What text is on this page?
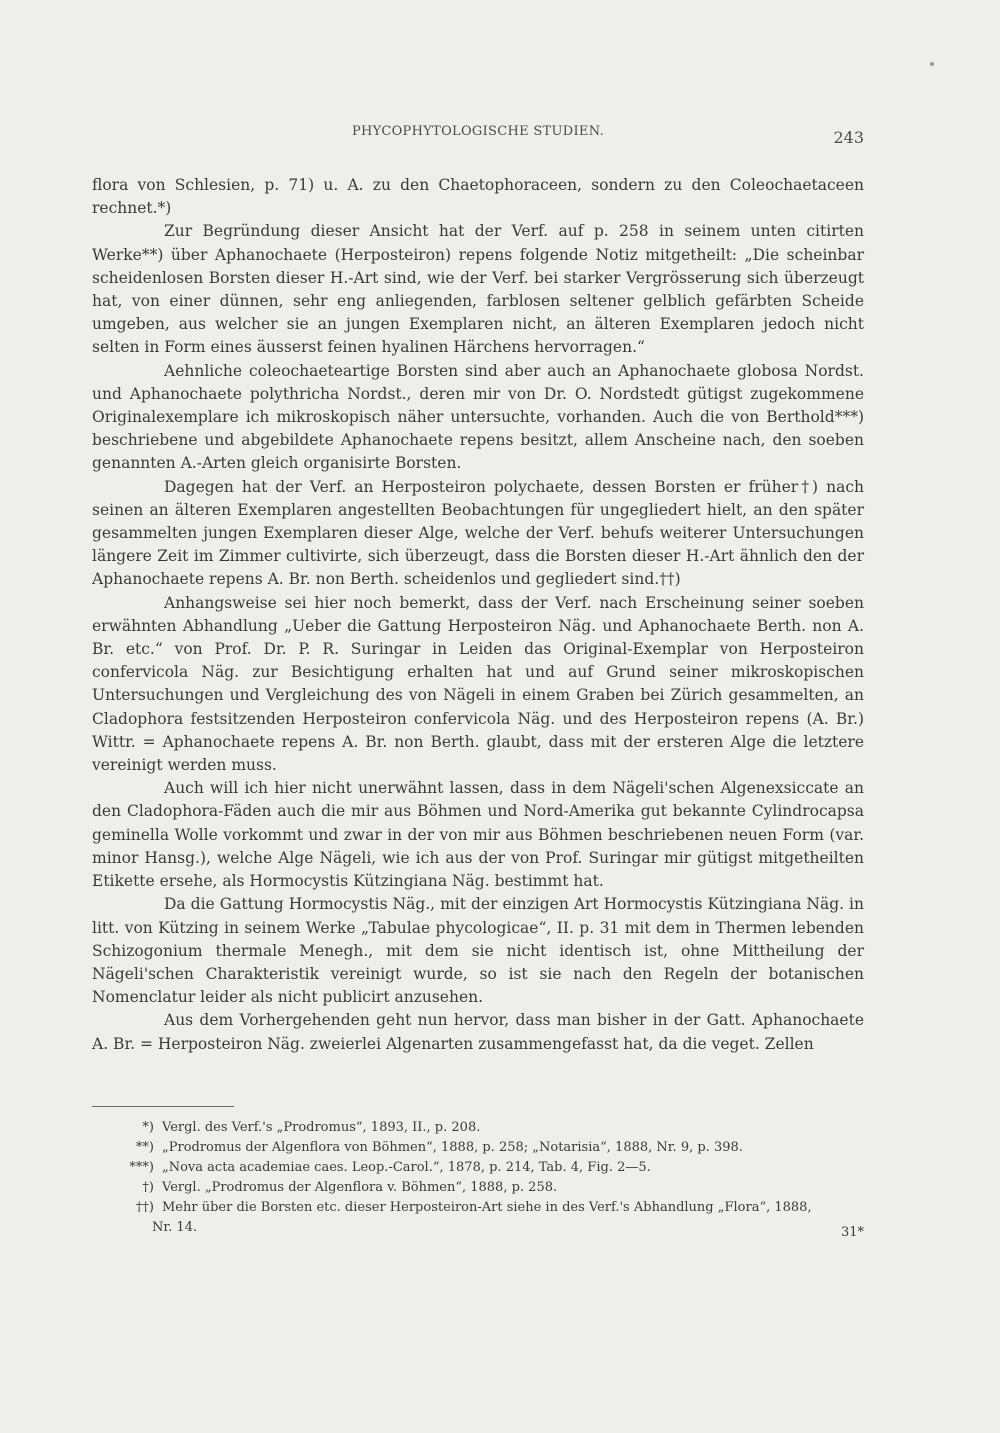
PHYCOPHYTOLOGISCHE STUDIEN.	243

flora von Schlesien, p. 71) u. A. zu den Chaetophoraceen, sondern zu den Coleochaetaceen rechnet.*)

Zur Begründung dieser Ansicht hat der Verf. auf p. 258 in seinem unten citirten Werke**) über Aphanochaete (Herposteiron) repens folgende Notiz mitgetheilt: „Die scheinbar scheidenlosen Borsten dieser H.-Art sind, wie der Verf. bei starker Vergrösserung sich überzeugt hat, von einer dünnen, sehr eng anliegenden, farblosen seltener gelblich gefärbten Scheide umgeben, aus welcher sie an jungen Exemplaren nicht, an älteren Exemplaren jedoch nicht selten in Form eines äusserst feinen hyalinen Härchens hervorragen.“

Aehnliche coleochaeteartige Borsten sind aber auch an Aphanochaete globosa Nordst. und Aphanochaete polythricha Nordst., deren mir von Dr. O. Nordstedt gütigst zugekommene Originalexemplare ich mikroskopisch näher untersuchte, vorhanden. Auch die von Berthold***) beschriebene und abgebildete Aphanochaete repens besitzt, allem Anscheine nach, den soeben genannten A.-Arten gleich organisirte Borsten.

Dagegen hat der Verf. an Herposteiron polychaete, dessen Borsten er früher†) nach seinen an älteren Exemplaren angestellten Beobachtungen für ungegliedert hielt, an den später gesammelten jungen Exemplaren dieser Alge, welche der Verf. behufs weiterer Untersuchungen längere Zeit im Zimmer cultivirte, sich überzeugt, dass die Borsten dieser H.-Art ähnlich den der Aphanochaete repens A. Br. non Berth. scheidenlos und gegliedert sind.††)

Anhangsweise sei hier noch bemerkt, dass der Verf. nach Erscheinung seiner soeben erwähnten Abhandlung „Ueber die Gattung Herposteiron Näg. und Aphanochaete Berth. non A. Br. etc.“ von Prof. Dr. P. R. Suringar in Leiden das Original-Exemplar von Herposteiron confervicola Näg. zur Besichtigung erhalten hat und auf Grund seiner mikroskopischen Untersuchungen und Vergleichung des von Nägeli in einem Graben bei Zürich gesammelten, an Cladophora festsitzenden Herposteiron confervicola Näg. und des Herposteiron repens (A. Br.) Wittr. = Aphanochaete repens A. Br. non Berth. glaubt, dass mit der ersteren Alge die letztere vereinigt werden muss.

Auch will ich hier nicht unerwähnt lassen, dass in dem Nägeli'schen Algenexsiccate an den Cladophora-Fäden auch die mir aus Böhmen und Nord-Amerika gut bekannte Cylindrocapsa geminella Wolle vorkommt und zwar in der von mir aus Böhmen beschriebenen neuen Form (var. minor Hansg.), welche Alge Nägeli, wie ich aus der von Prof. Suringar mir gütigst mitgetheilten Etikette ersehe, als Hormocystis Kützingiana Näg. bestimmt hat.

Da die Gattung Hormocystis Näg., mit der einzigen Art Hormocystis Kützingiana Näg. in litt. von Kützing in seinem Werke „Tabulae phycologicae“, II. p. 31 mit dem in Thermen lebenden Schizogonium thermale Menegh., mit dem sie nicht identisch ist, ohne Mittheilung der Nägeli'schen Charakteristik vereinigt wurde, so ist sie nach den Regeln der botanischen Nomenclatur leider als nicht publicirt anzusehen.

Aus dem Vorhergehenden geht nun hervor, dass man bisher in der Gatt. Aphanochaete A. Br. = Herposteiron Näg. zweierlei Algenarten zusammengefasst hat, da die veget. Zellen

*) Vergl. des Verf.'s „Prodromus“, 1893, II., p. 208.
**) „Prodromus der Algenflora von Böhmen“, 1888, p. 258; „Notarisia“, 1888, Nr. 9, p. 398.
***) „Nova acta academiae caes. Leop.-Carol.“, 1878, p. 214, Tab. 4, Fig. 2—5.
†) Vergl. „Prodromus der Algenflora v. Böhmen“, 1888, p. 258.
††) Mehr über die Borsten etc. dieser Herposteiron-Art siehe in des Verf.'s Abhandlung „Flora“, 1888,
Nr. 14.	31*
